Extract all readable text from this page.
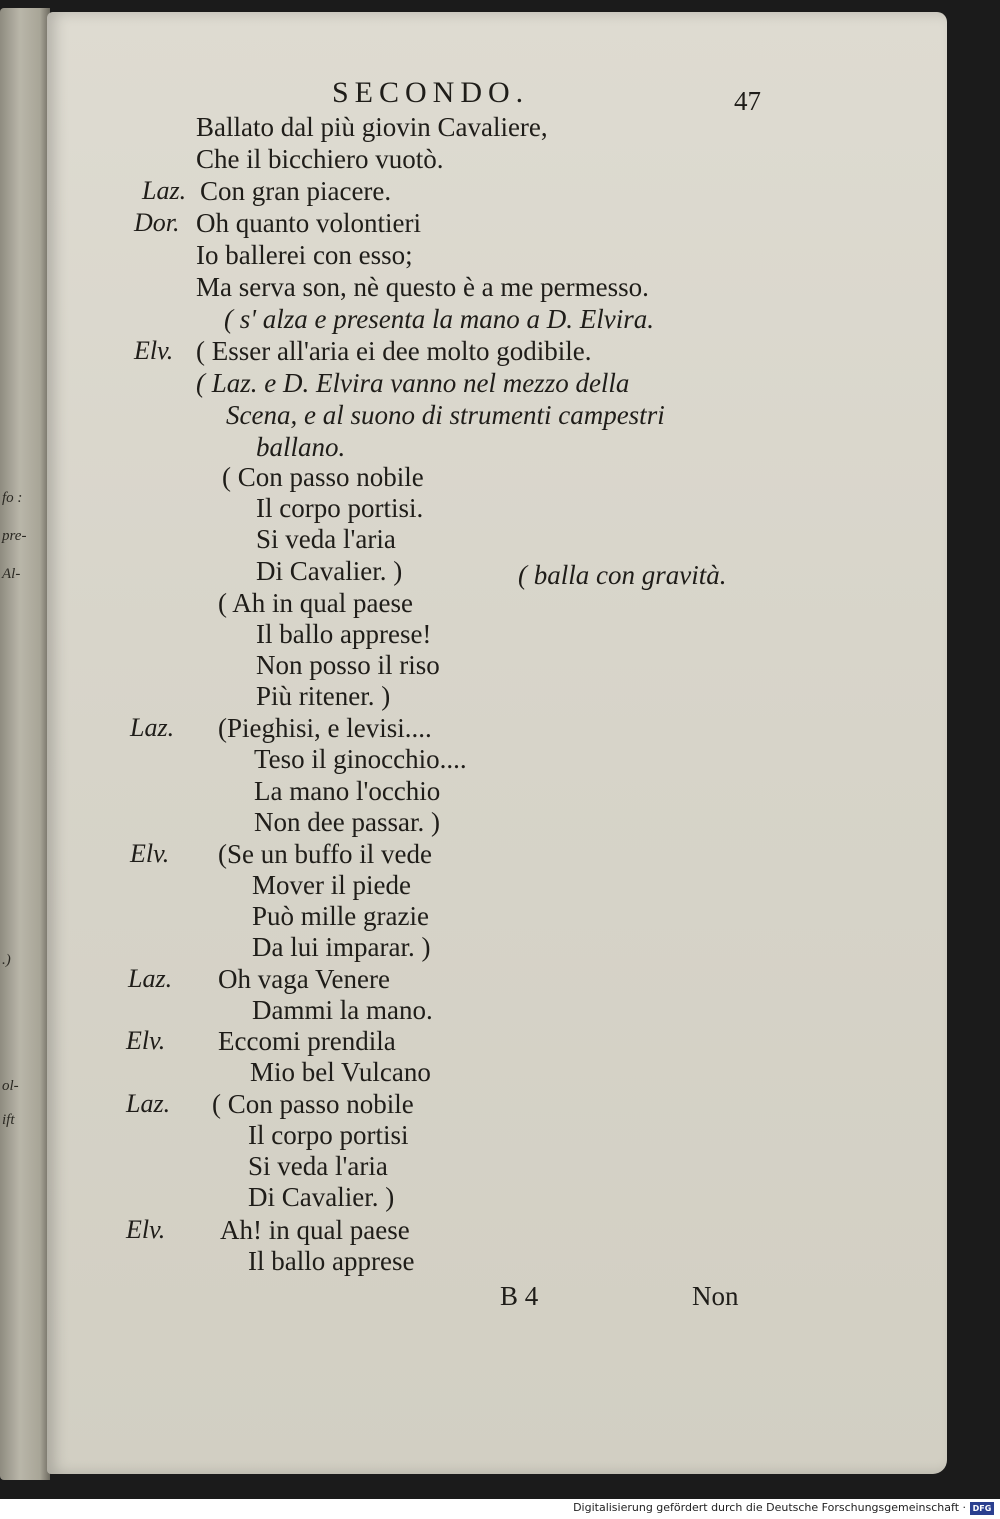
fo :
pre-
Al-
.)
ol-
ift
SECONDO.	47
Ballato dal più giovin Cavaliere,
Che il bicchiero vuotò.
Laz. Con gran piacere.
Dor. Oh quanto volontieri
Io ballerei con esso;
Ma serva son, nè questo è a me permesso.
( s' alza e presenta la mano a D. Elvira.
Elv. ( Esser all'aria ei dee molto godibile.
( Laz. e D. Elvira vanno nel mezzo della
Scena, e al suono di strumenti campestri
ballano.
( Con passo nobile
Il corpo portisi.
Si veda l'aria
Di Cavalier. )	( balla con gravità.
( Ah in qual paese
Il ballo apprese!
Non posso il riso
Più ritener. )
Laz. (Pieghisi, e levisi....
Teso il ginocchio....
La mano l'occhio
Non dee passar. )
Elv. (Se un buffo il vede
Mover il piede
Può mille grazie
Da lui imparar. )
Laz. Oh vaga Venere
Dammi la mano.
Elv. Eccomi prendila
Mio bel Vulcano
Laz. ( Con passo nobile
Il corpo portisi
Si veda l'aria
Di Cavalier. )
Elv. Ah! in qual paese
Il ballo apprese
B 4	Non
Digitalisierung gefördert durch die Deutsche Forschungsgemeinschaft · DFG
